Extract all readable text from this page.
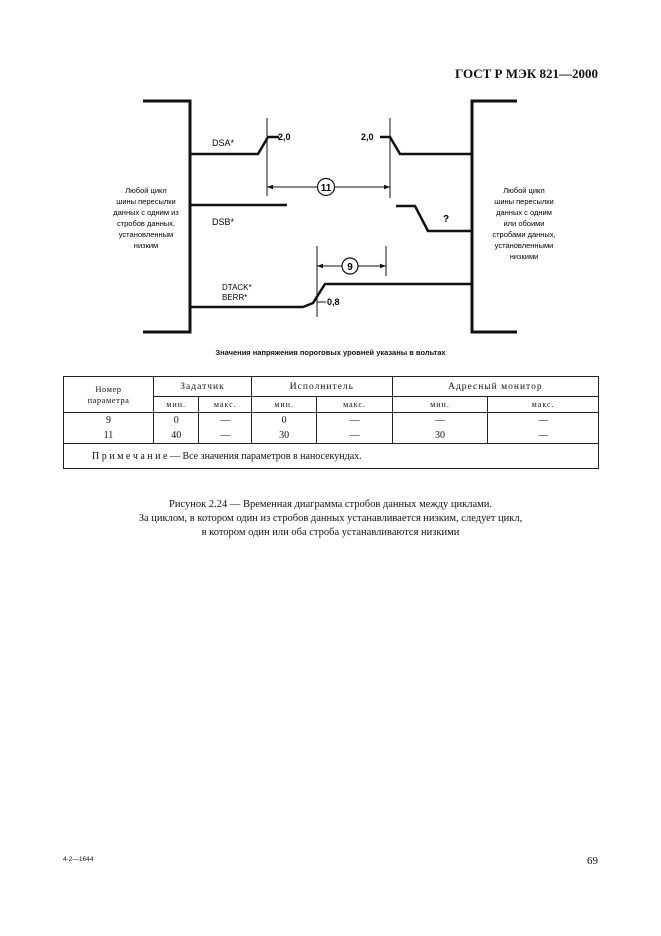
ГОСТ Р МЭК 821—2000
11
9
DSA*
DSB*
DTACK*
BERR*
2,0	2,0
0,8
?
Любой цикл
шины пересылки
данных с одним из
стробов данных,
установленным
низким
Любой цикл
шины пересылки
данных с одним
или обоими
стробами данных,
установленными
низкими
Значения напряжения пороговых уровней указаны в вольтах
Номер
параметра	Задатчик		Исполнитель		Адресный монитор	
	мин.	макс.	мин.	макс.	мин.	макс.
9	0	—	0	—	—	—
11	40	—	30	—	30	—
П р и м е ч а н и е — Все значения параметров в наносекундах.						
Рисунок 2.24 — Временная диаграмма стробов данных между циклами.
За циклом, в котором один из стробов данных устанавливается низким, следует цикл,
в котором один или оба строба устанавливаются низкими
4-2—1644	69
